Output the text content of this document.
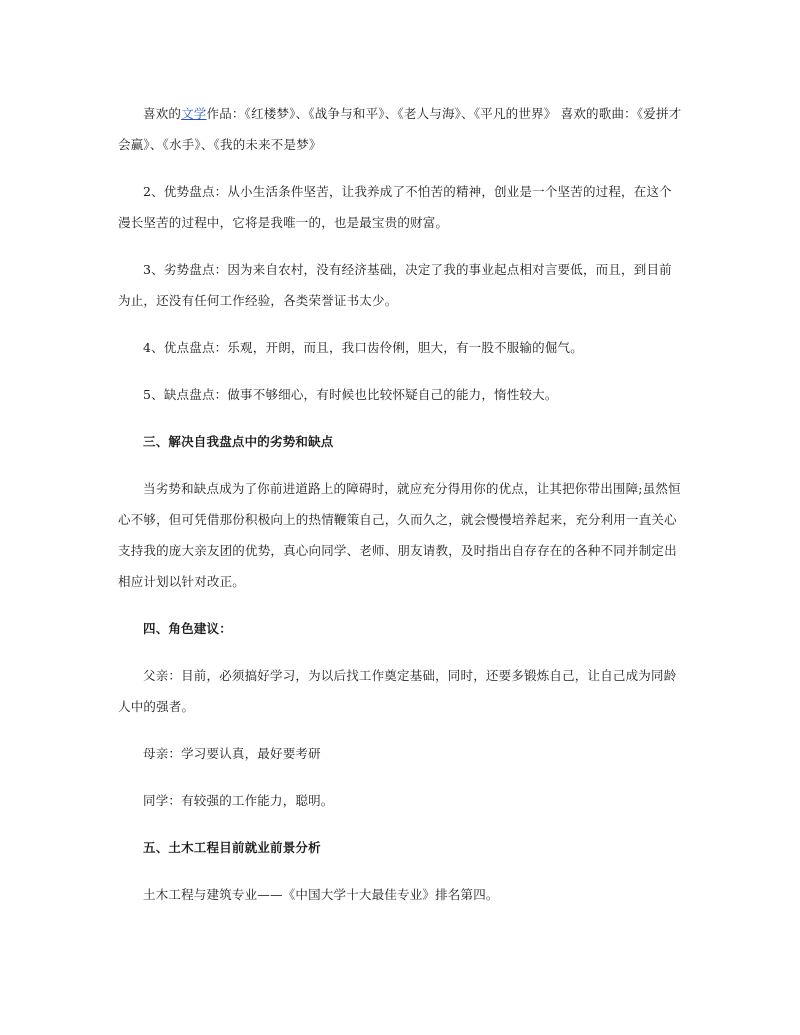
喜欢的文学作品：《红楼梦》、《战争与和平》、《老人与海》、《平凡的世界》 喜欢的歌曲：《爱拼才会赢》、《水手》、《我的未来不是梦》

2、优势盘点：从小生活条件坚苦，让我养成了不怕苦的精神，创业是一个坚苦的过程，在这个漫长坚苦的过程中，它将是我唯一的，也是最宝贵的财富。

3、劣势盘点：因为来自农村，没有经济基础，决定了我的事业起点相对言要低，而且，到目前为止，还没有任何工作经验，各类荣誉证书太少。

4、优点盘点：乐观，开朗，而且，我口齿伶俐，胆大，有一股不服输的倔气。

5、缺点盘点：做事不够细心，有时候也比较怀疑自己的能力，惰性较大。

三、解决自我盘点中的劣势和缺点

当劣势和缺点成为了你前进道路上的障碍时，就应充分得用你的优点，让其把你带出围障;虽然恒心不够，但可凭借那份积极向上的热情鞭策自己，久而久之，就会慢慢培养起来，充分利用一直关心支持我的庞大亲友团的优势，真心向同学、老师、朋友请教，及时指出自存存在的各种不同并制定出相应计划以针对改正。

四、角色建议：

父亲：目前，必须搞好学习，为以后找工作奠定基础，同时，还要多锻炼自己，让自己成为同龄人中的强者。

母亲：学习要认真，最好要考研

同学：有较强的工作能力，聪明。

五、土木工程目前就业前景分析

土木工程与建筑专业——《中国大学十大最佳专业》排名第四。
